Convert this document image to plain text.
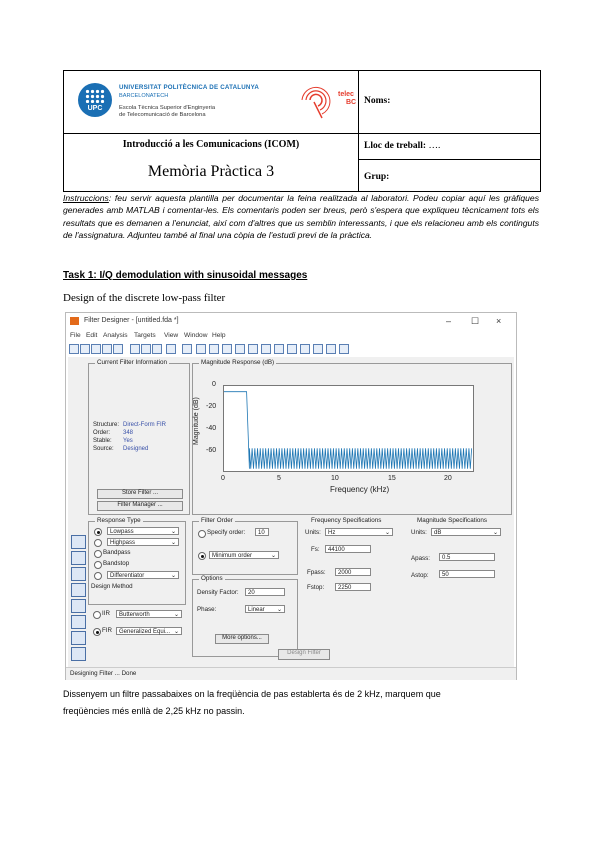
UPC
UNIVERSITAT POLITÈCNICA DE CATALUNYA
BARCELONATECH
Escola Tècnica Superior d'Enginyeria
de Telecomunicació de Barcelona
telec
BC
Introducció a les Comunicacions (ICOM)
Memòria Pràctica 3
Noms:
Lloc de treball: ….
Grup:
Instruccions: feu servir aquesta plantilla per documentar la feina realitzada al laboratori. Podeu copiar aquí les gràfiques generades amb MATLAB i comentar-les. Els comentaris poden ser breus, però s'espera que expliqueu tècnicament tots els resultats que es demanen a l'enunciat, així com d'altres que us semblin interessants, i que els relacioneu amb els continguts de l'assignatura. Adjunteu també al final una còpia de l'estudi previ de la pràctica.
Task 1: I/Q demodulation with sinusoidal messages
Design of the discrete low-pass filter
Filter Designer - [untitled.fda *]	– ☐ ×
File Edit Analysis Targets View Window Help
Current Filter Information
Structure: Direct-Form FIR
Order: 348
Stable: Yes
Source: Designed
Store Filter ...
Filter Manager ...
Magnitude Response (dB)
0
-20
-40
-60
Magnitude (dB)
0	5	10	15	20
Frequency (kHz)
Response Type
Lowpass	⌄
Highpass	⌄
Bandpass
Bandstop
Differentiator	⌄
Design Method
IIR	Butterworth	⌄
FIR	Generalized Equi... ⌄
Filter Order
Specify order:	10
Minimum order	⌄
Options
Density Factor:	20
Phase:	Linear ⌄
More options...
Frequency Specifications
Units:	Hz	⌄
Fs:	44100
Fpass:	2000
Fstop:	2250
Magnitude Specifications
Units:	dB	⌄
Apass:	0.5
Astop:	50
Design Filter
Designing Filter ... Done
Dissenyem un filtre passabaixes on la freqüència de pas establerta és de 2 kHz, marquem que
freqüències més enllà de 2,25 kHz no passin.
